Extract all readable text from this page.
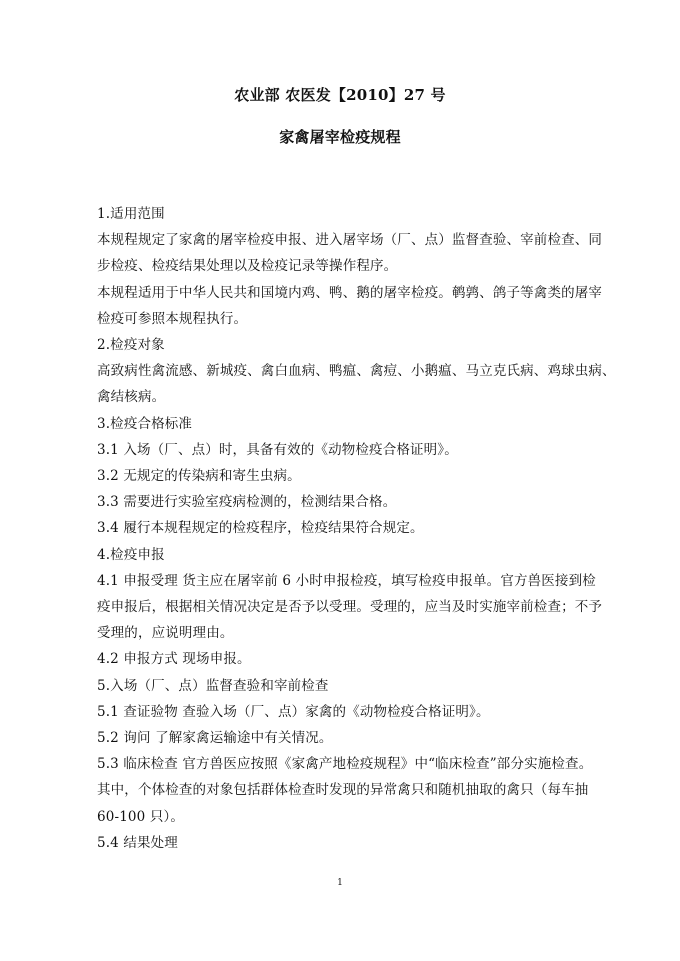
农业部 农医发【2010】27 号
家禽屠宰检疫规程
1.适用范围
本规程规定了家禽的屠宰检疫申报、进入屠宰场（厂、点）监督查验、宰前检查、同
步检疫、检疫结果处理以及检疫记录等操作程序。
本规程适用于中华人民共和国境内鸡、鸭、鹅的屠宰检疫。鹌鹑、鸽子等禽类的屠宰
检疫可参照本规程执行。
2.检疫对象
高致病性禽流感、新城疫、禽白血病、鸭瘟、禽痘、小鹅瘟、马立克氏病、鸡球虫病、
禽结核病。
3.检疫合格标准
3.1 入场（厂、点）时，具备有效的《动物检疫合格证明》。
3.2 无规定的传染病和寄生虫病。
3.3 需要进行实验室疫病检测的，检测结果合格。
3.4 履行本规程规定的检疫程序，检疫结果符合规定。
4.检疫申报
4.1 申报受理 货主应在屠宰前 6 小时申报检疫，填写检疫申报单。官方兽医接到检
疫申报后，根据相关情况决定是否予以受理。受理的，应当及时实施宰前检查；不予
受理的，应说明理由。
4.2 申报方式 现场申报。
5.入场（厂、点）监督查验和宰前检查
5.1 查证验物 查验入场（厂、点）家禽的《动物检疫合格证明》。
5.2 询问 了解家禽运输途中有关情况。
5.3 临床检查 官方兽医应按照《家禽产地检疫规程》中“临床检查”部分实施检查。
其中，个体检查的对象包括群体检查时发现的异常禽只和随机抽取的禽只（每车抽
60-100 只）。
5.4 结果处理
1
